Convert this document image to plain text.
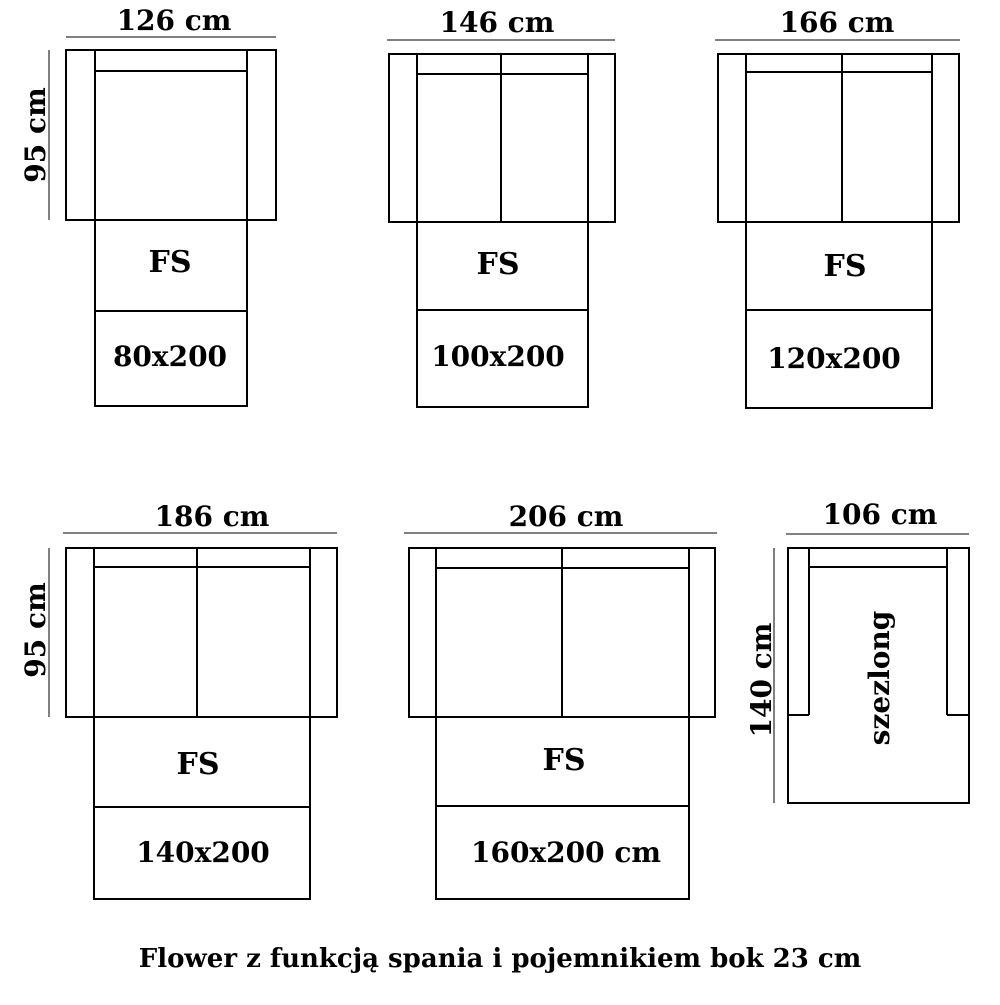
126 cm
95 cm
FS
80x200
146 cm
FS
100x200
166 cm
FS
120x200
186 cm
95 cm
FS
140x200
206 cm
FS
160x200 cm
106 cm
140 cm	szezlong
Flower z funkcją spania i pojemnikiem bok 23 cm
